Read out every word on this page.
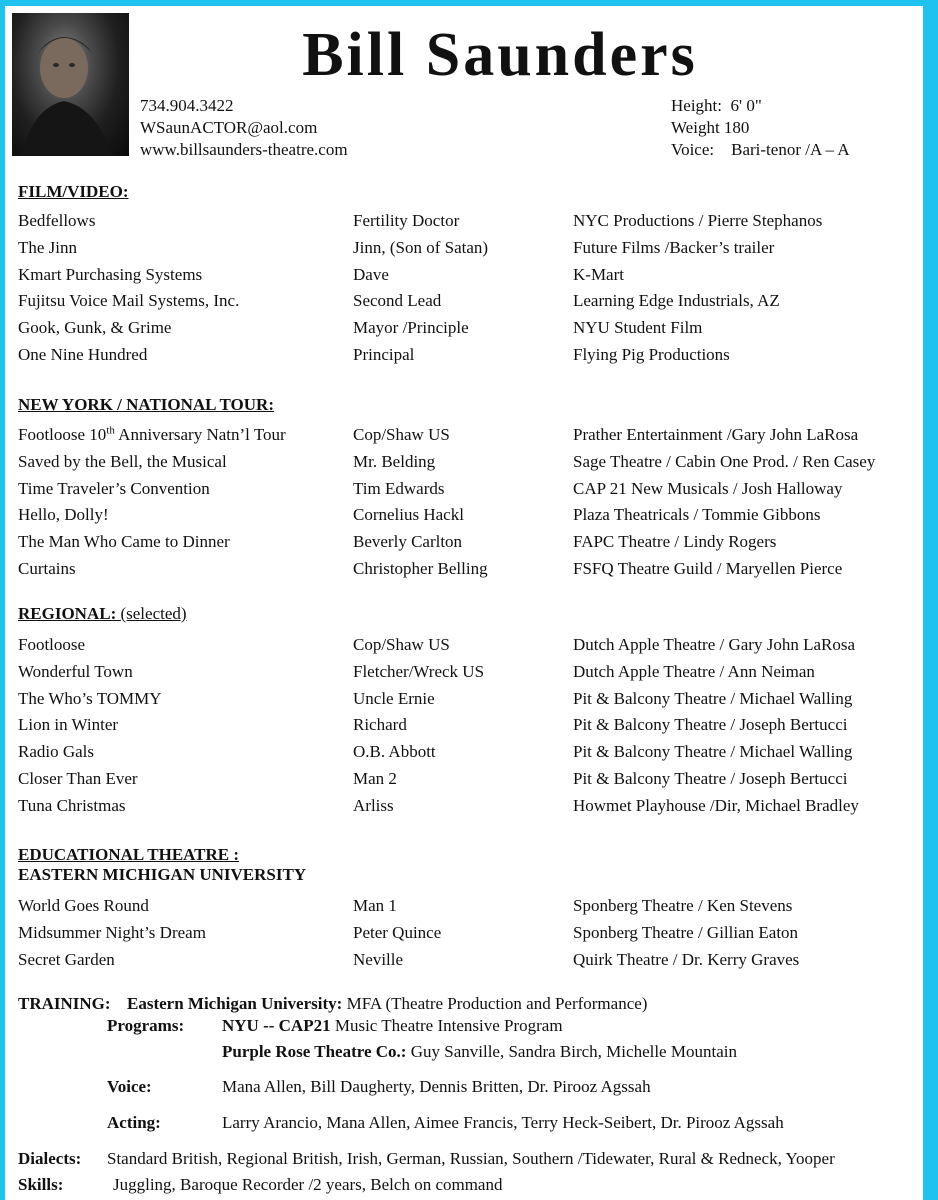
Bill Saunders
734.904.3422
WSaunACTOR@aol.com
www.billsaunders-theatre.com
Height: 6' 0"
Weight 180
Voice: Bari-tenor /A – A
FILM/VIDEO:
Bedfellows	Fertility Doctor	NYC Productions / Pierre Stephanos
The Jinn	Jinn, (Son of Satan)	Future Films /Backer’s trailer
Kmart Purchasing Systems	Dave	K-Mart
Fujitsu Voice Mail Systems, Inc.	Second Lead	Learning Edge Industrials, AZ
Gook, Gunk, & Grime	Mayor /Principle	NYU Student Film
One Nine Hundred	Principal	Flying Pig Productions
NEW YORK / NATIONAL TOUR:
Footloose 10th Anniversary Natn’l Tour	Cop/Shaw US	Prather Entertainment /Gary John LaRosa
Saved by the Bell, the Musical	Mr. Belding	Sage Theatre / Cabin One Prod. / Ren Casey
Time Traveler’s Convention	Tim Edwards	CAP 21 New Musicals / Josh Halloway
Hello, Dolly!	Cornelius Hackl	Plaza Theatricals / Tommie Gibbons
The Man Who Came to Dinner	Beverly Carlton	FAPC Theatre / Lindy Rogers
Curtains	Christopher Belling	FSFQ Theatre Guild / Maryellen Pierce
REGIONAL: (selected)
Footloose	Cop/Shaw US	Dutch Apple Theatre / Gary John LaRosa
Wonderful Town	Fletcher/Wreck US	Dutch Apple Theatre / Ann Neiman
The Who’s TOMMY	Uncle Ernie	Pit & Balcony Theatre / Michael Walling
Lion in Winter	Richard	Pit & Balcony Theatre / Joseph Bertucci
Radio Gals	O.B. Abbott	Pit & Balcony Theatre / Michael Walling
Closer Than Ever	Man 2	Pit & Balcony Theatre / Joseph Bertucci
Tuna Christmas	Arliss	Howmet Playhouse /Dir, Michael Bradley
EDUCATIONAL THEATRE :
EASTERN MICHIGAN UNIVERSITY
World Goes Round	Man 1	Sponberg Theatre / Ken Stevens
Midsummer Night’s Dream	Peter Quince	Sponberg Theatre / Gillian Eaton
Secret Garden	Neville	Quirk Theatre / Dr. Kerry Graves
TRAINING: Eastern Michigan University: MFA (Theatre Production and Performance)
Programs: NYU -- CAP21 Music Theatre Intensive Program
Purple Rose Theatre Co.: Guy Sanville, Sandra Birch, Michelle Mountain
Voice:	Mana Allen, Bill Daugherty, Dennis Britten, Dr. Pirooz Agssah
Acting:	Larry Arancio, Mana Allen, Aimee Francis, Terry Heck-Seibert, Dr. Pirooz Agssah
Dialects: Standard British, Regional British, Irish, German, Russian, Southern /Tidewater, Rural & Redneck, Yooper
Skills:	Juggling, Baroque Recorder /2 years, Belch on command
